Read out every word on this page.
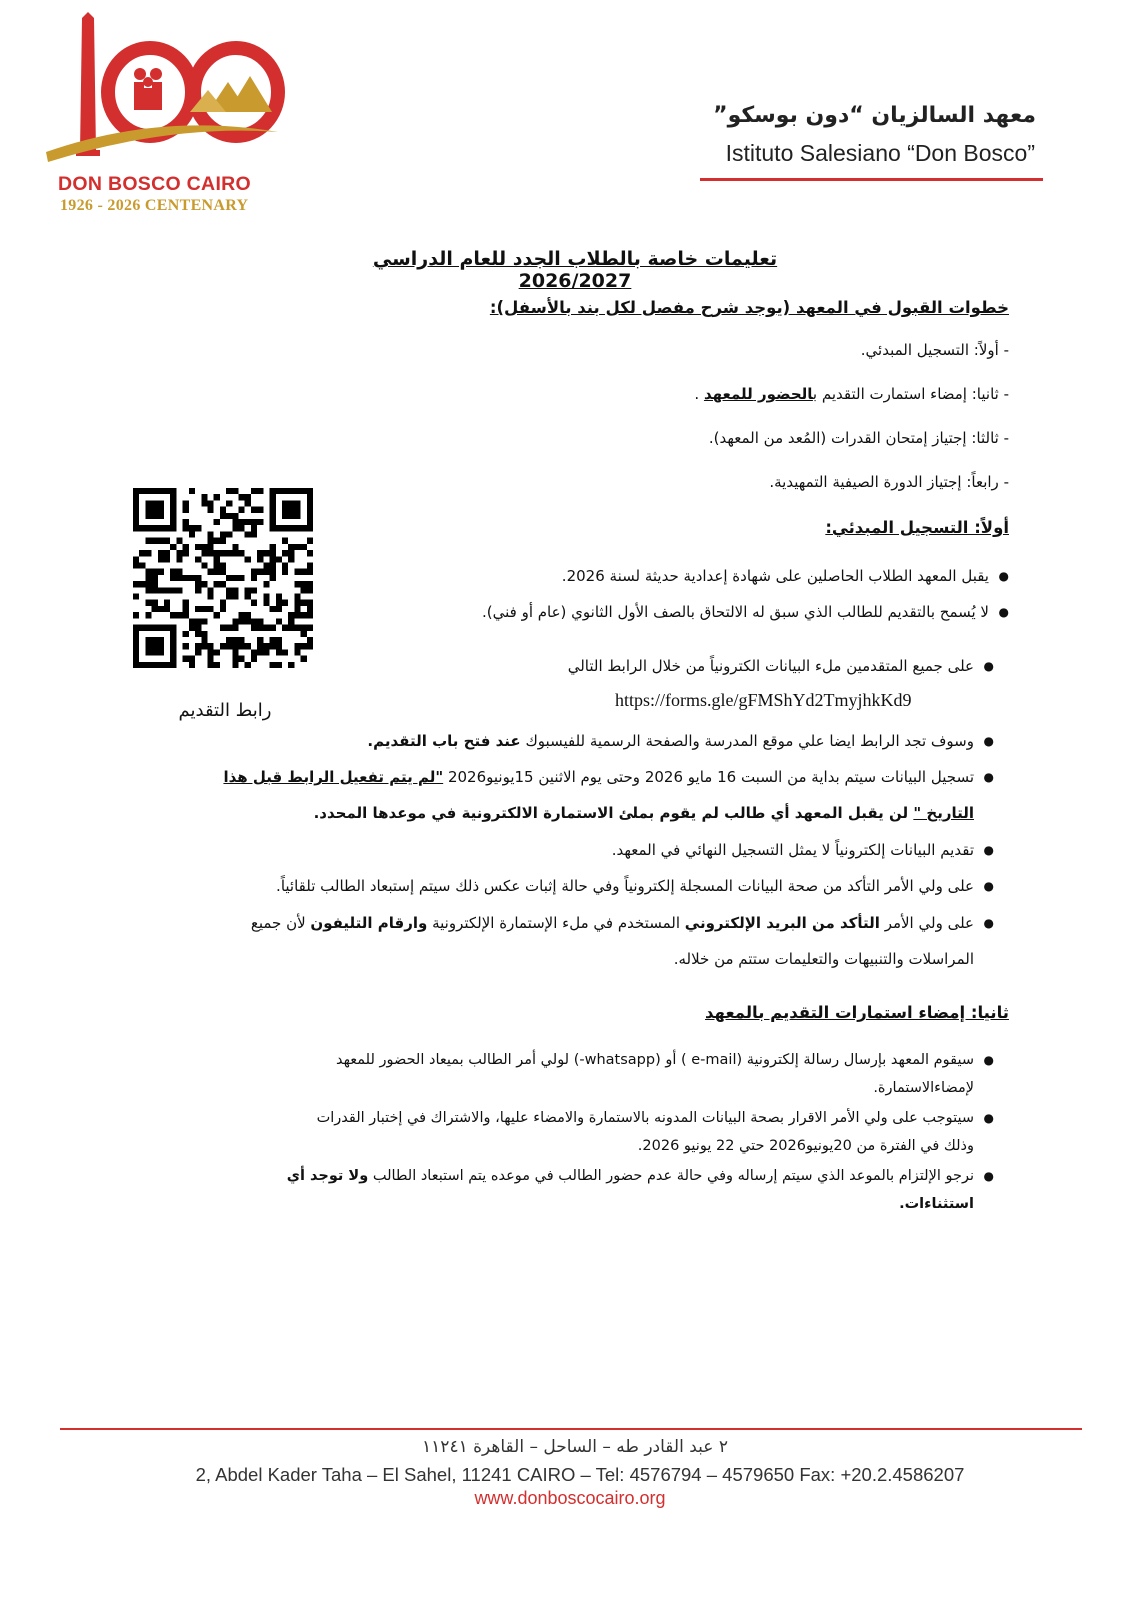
DON BOSCO CAIRO
1926 - 2026 CENTENARY
معهد السالزيان “دون بوسكو”
Istituto Salesiano “Don Bosco”
تعليمات خاصة بالطلاب الجدد للعام الدراسي 2026/2027
خطوات القبول في المعهد (يوجد شرح مفصل لكل بند بالأسفل):
- أولاً: التسجيل المبدئي.
- ثانيا: إمضاء استمارت التقديم بالحضور للمعهد .
- ثالثا: إجتياز إمتحان القدرات (المُعد من المعهد).
- رابعاً: إجتياز الدورة الصيفية التمهيدية.
أولاً: التسجيل المبدئي:
●
يقبل المعهد الطلاب الحاصلين على شهادة إعدادية حديثة لسنة 2026.
●
لا يُسمح بالتقديم للطالب الذي سبق له الالتحاق بالصف الأول الثانوي (عام أو فني).
●
على جميع المتقدمين ملء البيانات الكترونياً من خلال الرابط التالي
رابط التقديم	https://forms.gle/gFMShYd2TmyjhkKd9
●
وسوف تجد الرابط ايضا علي موقع المدرسة والصفحة الرسمية للفيسبوك عند فتح باب التقديم.
●
تسجيل البيانات سيتم بداية من السبت 16 مايو 2026 وحتى يوم الاثنين 15يونيو2026 "لم يتم تفعيل الرابط قبل هذا
التاريخ " لن يقبل المعهد أي طالب لم يقوم بملئ الاستمارة الالكترونية في موعدها المحدد.
●
تقديم البيانات إلكترونياً لا يمثل التسجيل النهائي في المعهد.
●
على ولي الأمر التأكد من صحة البيانات المسجلة إلكترونياً وفي حالة إثبات عكس ذلك سيتم إستبعاد الطالب تلقائياً.
●
على ولي الأمر التأكد من البريد الإلكتروني المستخدم في ملء الإستمارة الإلكترونية وارقام التليفون لأن جميع
المراسلات والتنبيهات والتعليمات ستتم من خلاله.
ثانيا: إمضاء استمارات التقديم بالمعهد
●
سيقوم المعهد بإرسال رسالة إلكترونية (e-mail ) أو (whatsapp-) لولي أمر الطالب بميعاد الحضور للمعهد
لإمضاءالاستمارة.
●
سيتوجب على ولي الأمر الاقرار بصحة البيانات المدونه بالاستمارة والامضاء عليها، والاشتراك في إختبار القدرات
وذلك في الفترة من 20يونيو2026 حتي 22 يونيو 2026.
●
نرجو الإلتزام بالموعد الذي سيتم إرساله وفي حالة عدم حضور الطالب في موعده يتم استبعاد الطالب ولا توجد أي
استثناءات.
٢ عبد القادر طه – الساحل – القاهرة ١١٢٤١
2, Abdel Kader Taha – El Sahel, 11241 CAIRO – Tel: 4576794 – 4579650 Fax: +20.2.4586207
www.donboscocairo.org
